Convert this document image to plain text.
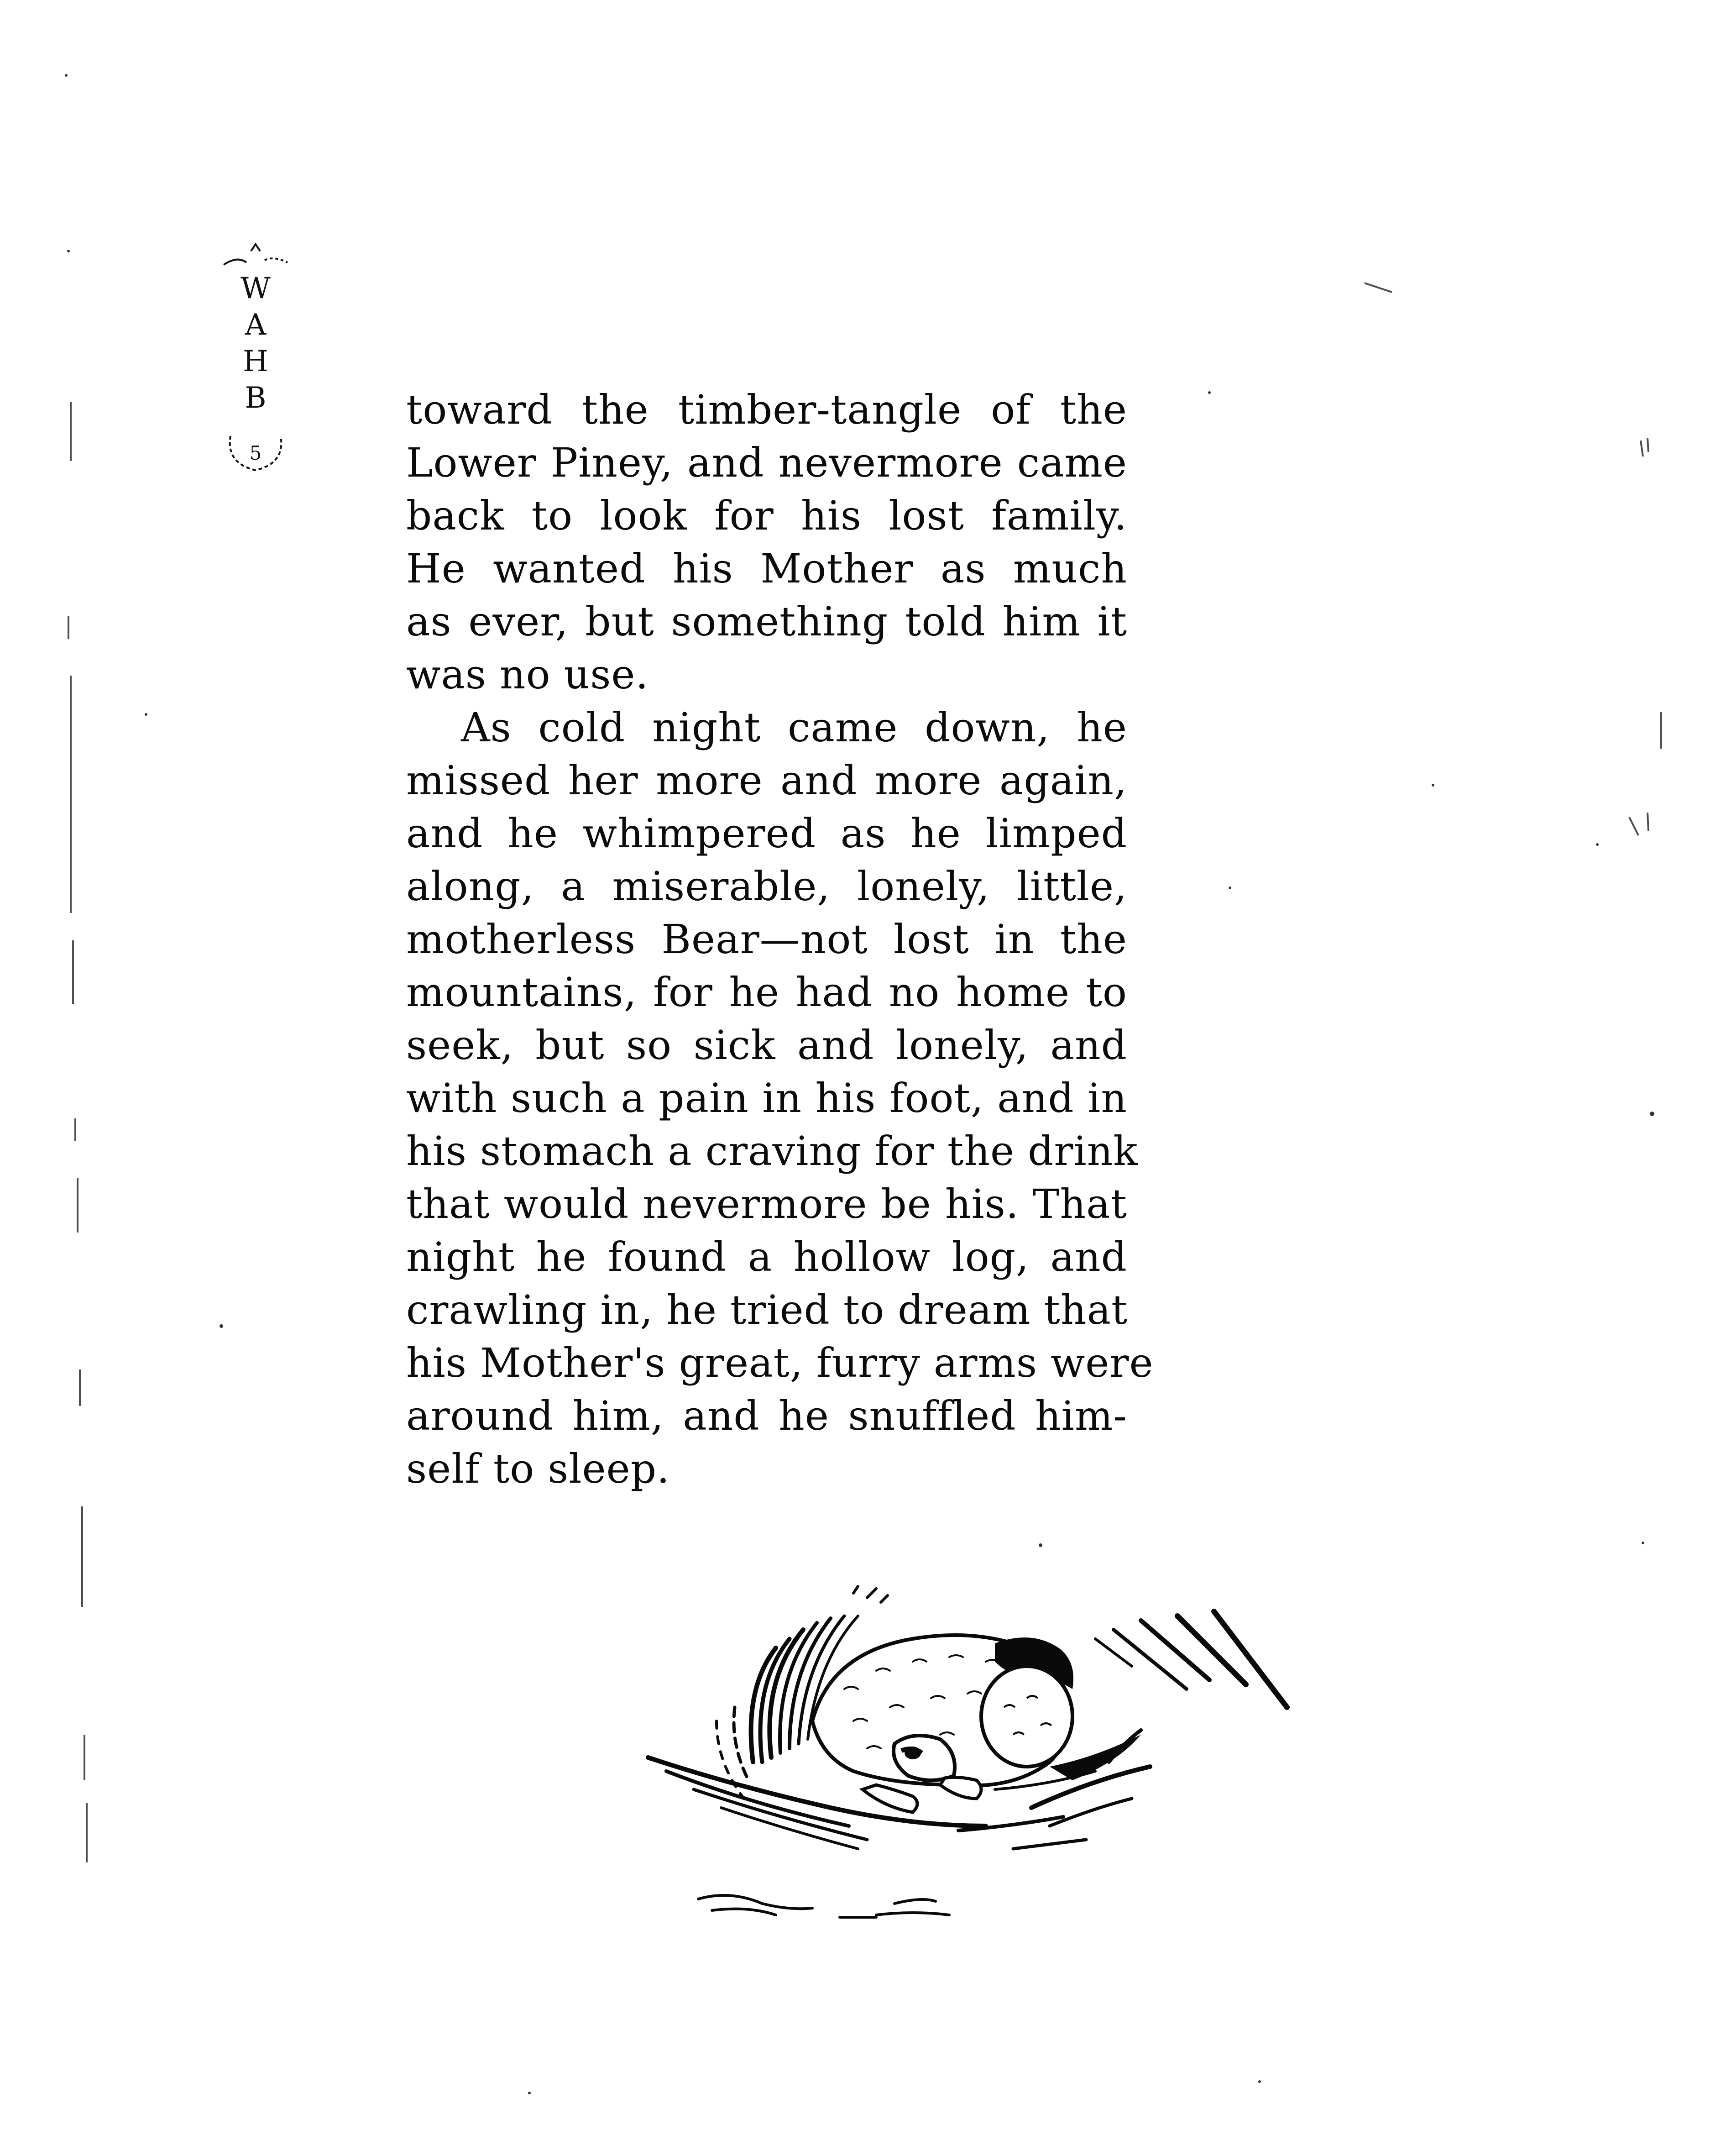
W
A
H
B
5
toward the timber-tangle of the
Lower Piney, and nevermore came
back to look for his lost family.
He wanted his Mother as much
as ever, but something told him it
was no use.
As cold night came down, he
missed her more and more again,
and he whimpered as he limped
along, a miserable, lonely, little,
motherless Bear—not lost in the
mountains, for he had no home to
seek, but so sick and lonely, and
with such a pain in his foot, and in
his stomach a craving for the drink
that would nevermore be his. That
night he found a hollow log, and
crawling in, he tried to dream that
his Mother's great, furry arms were
around him, and he snuffled him-
self to sleep.
